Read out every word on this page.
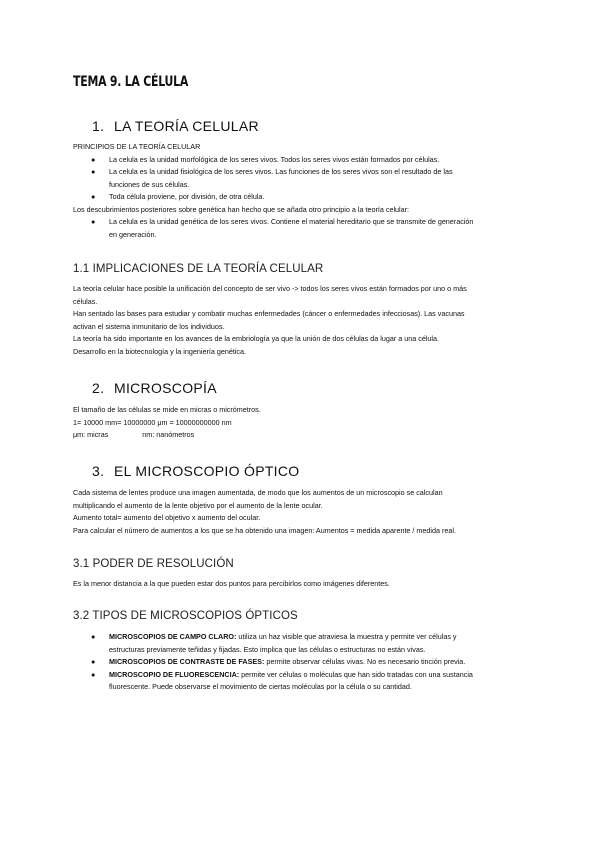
TEMA 9. LA CÉLULA
1. LA TEORÍA CELULAR
PRINCIPIOS DE LA TEORÍA CELULAR
● La celula es la unidad morfológica de los seres vivos. Todos los seres vivos están formados por células.
● La celula es la unidad fisiológica de los seres vivos. Las funciones de los seres vivos son el resultado de las
funciones de sus células.
● Toda célula proviene, por división, de otra célula.
Los descubrimientos posteriores sobre genética han hecho que se añada otro principio a la teoría celular:
● La celula es la unidad genética de los seres vivos. Contiene el material hereditario que se transmite de generación
en generación.
1.1 IMPLICACIONES DE LA TEORÍA CELULAR
La teoría celular hace posible la unificación del concepto de ser vivo -> todos los seres vivos están formados por uno o más
células.
Han sentado las bases para estudiar y combatir muchas enfermedades (cáncer o enfermedades infecciosas). Las vacunas
activan el sistema inmunitario de los individuos.
La teoría ha sido importante en los avances de la embriología ya que la unión de dos células da lugar a una célula.
Desarrollo en la biotecnología y la ingeniería genética.
2. MICROSCOPÍA
El tamaño de las células se mide en micras o micrómetros.
1= 10000 mm= 10000000 μm = 10000000000 nm
μm: micras	nm: nanómetros
3. EL MICROSCOPIO ÓPTICO
Cada sistema de lentes produce una imagen aumentada, de modo que los aumentos de un microscopio se calculan
multiplicando el aumento de la lente objetivo por el aumento de la lente ocular.
Aumento total= aumento del objetivo x aumento del ocular.
Para calcular el número de aumentos a los que se ha obtenido una imagen: Aumentos = medida aparente / medida real.
3.1 PODER DE RESOLUCIÓN
Es la menor distancia a la que pueden estar dos puntos para percibirlos como imágenes diferentes.
3.2 TIPOS DE MICROSCOPIOS ÓPTICOS
● MICROSCOPIOS DE CAMPO CLARO: utiliza un haz visible que atraviesa la muestra y permite ver células y
estructuras previamente teñidas y fijadas. Esto implica que las células o estructuras no están vivas.
● MICROSCOPIOS DE CONTRASTE DE FASES: permite observar células vivas. No es necesario tinción previa.
● MICROSCOPIO DE FLUORESCENCIA: permite ver células o moléculas que han sido tratadas con una sustancia
fluorescente. Puede observarse el movimiento de ciertas moléculas por la célula o su cantidad.
